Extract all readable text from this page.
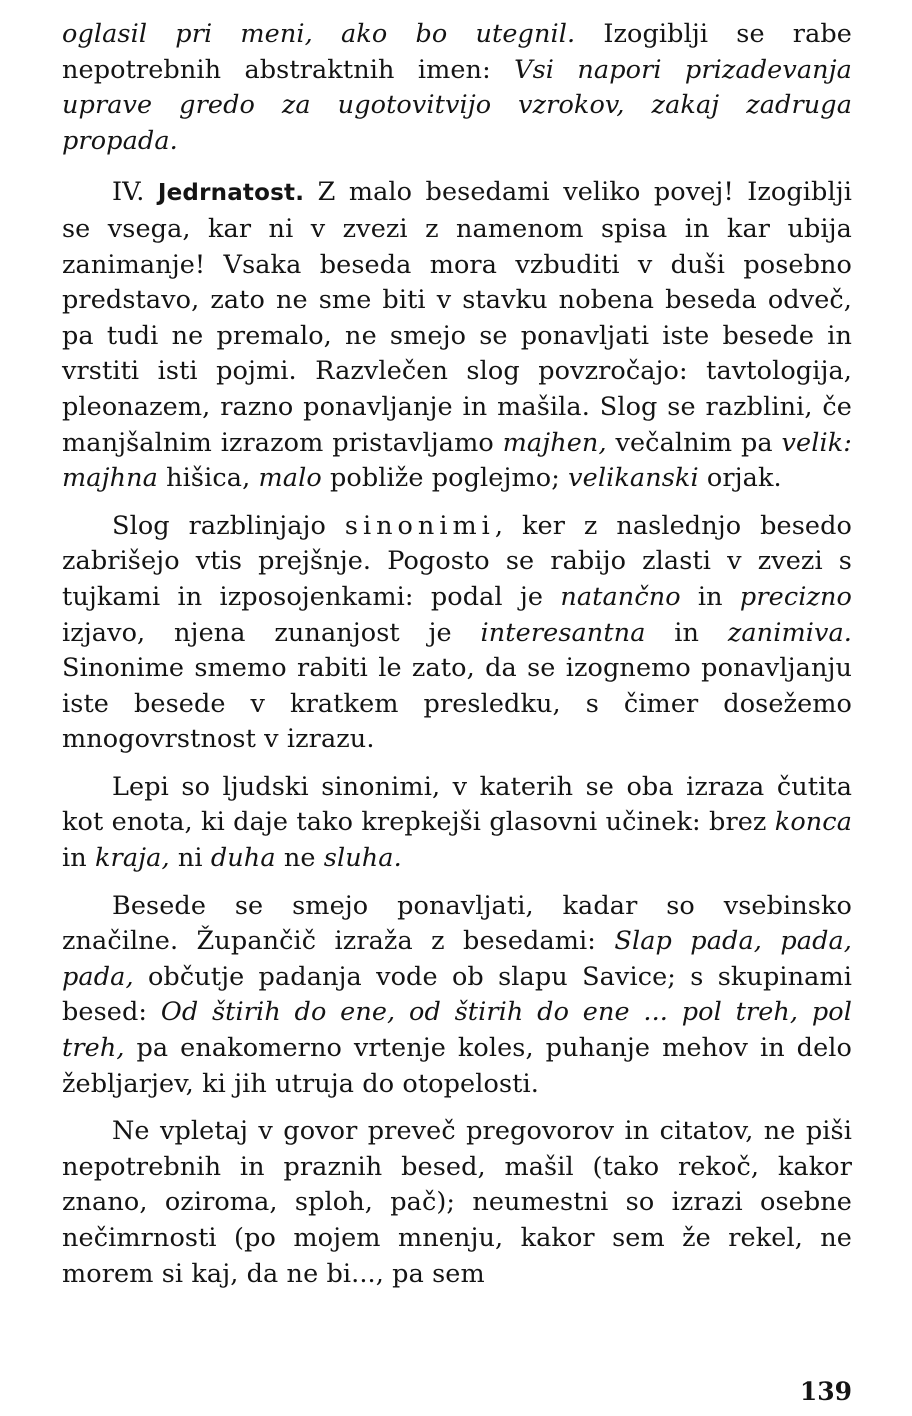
oglasil pri meni, ako bo utegnil. Izogiblji se rabe nepotrebnih abstraktnih imen: Vsi napori prizadevanja uprave gredo za ugotovitvijo vzrokov, zakaj zadruga propada.

IV. Jedrnatost. Z malo besedami veliko povej! Izogiblji se vsega, kar ni v zvezi z namenom spisa in kar ubija zanimanje! Vsaka beseda mora vzbuditi v duši posebno predstavo, zato ne sme biti v stavku nobena beseda odveč, pa tudi ne premalo, ne smejo se ponavljati iste besede in vrstiti isti pojmi. Razvlečen slog povzročajo: tavtologija, pleonazem, razno ponavljanje in mašila. Slog se razblini, če manjšalnim izrazom pristavljamo majhen, večalnim pa velik: majhna hišica, malo pobliže poglejmo; velikanski orjak.

Slog razblinjajo sinonimi, ker z naslednjo besedo zabrišejo vtis prejšnje. Pogosto se rabijo zlasti v zvezi s tujkami in izposojenkami: podal je natančno in precizno izjavo, njena zunanjost je interesantna in zanimiva. Sinonime smemo rabiti le zato, da se izognemo ponavljanju iste besede v kratkem presledku, s čimer dosežemo mnogovrstnost v izrazu.

Lepi so ljudski sinonimi, v katerih se oba izraza čutita kot enota, ki daje tako krepkejši glasovni učinek: brez konca in kraja, ni duha ne sluha.

Besede se smejo ponavljati, kadar so vsebinsko značilne. Župančič izraža z besedami: Slap pada, pada, pada, občutje padanja vode ob slapu Savice; s skupinami besed: Od štirih do ene, od štirih do ene ... pol treh, pol treh, pa enakomerno vrtenje koles, puhanje mehov in delo žebljarjev, ki jih utruja do otopelosti.

Ne vpletaj v govor preveč pregovorov in citatov, ne piši nepotrebnih in praznih besed, mašil (tako rekoč, kakor znano, oziroma, sploh, pač); neumestni so izrazi osebne nečimrnosti (po mojem mnenju, kakor sem že rekel, ne morem si kaj, da ne bi..., pa sem

139
